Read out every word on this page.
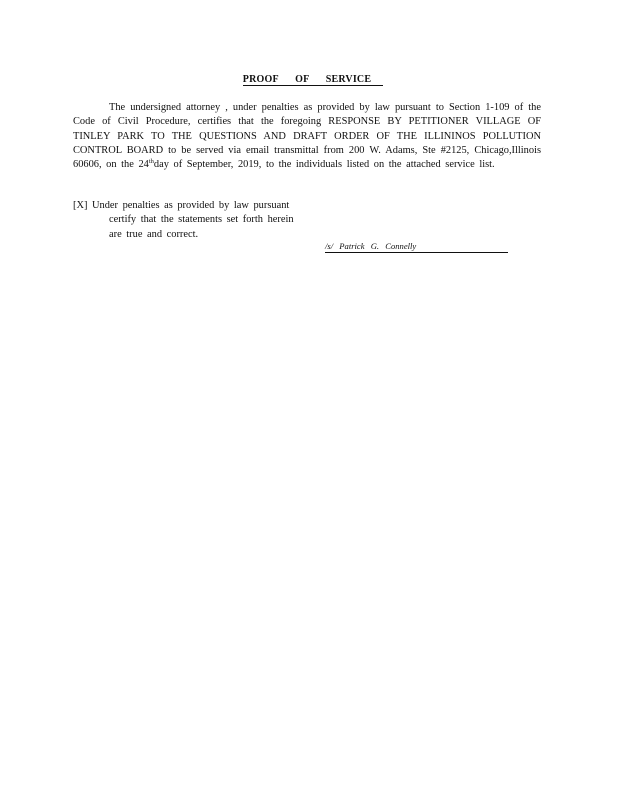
PROOF OF SERVICE
The undersigned attorney , under penalties as provided by law pursuant to Section 1-109 of the Code of Civil Procedure, certifies that the foregoing RESPONSE BY PETITIONER VILLAGE OF TINLEY PARK TO THE QUESTIONS AND DRAFT ORDER OF THE ILLININOS POLLUTION CONTROL BOARD to be served via email transmittal from 200 W. Adams, Ste #2125, Chicago,Illinois 60606, on the 24thday of September, 2019, to the individuals listed on the attached service list.
[X] Under penalties as provided by law pursuant
certify that the statements set forth herein
are true and correct.
/s/ Patrick G. Connelly
